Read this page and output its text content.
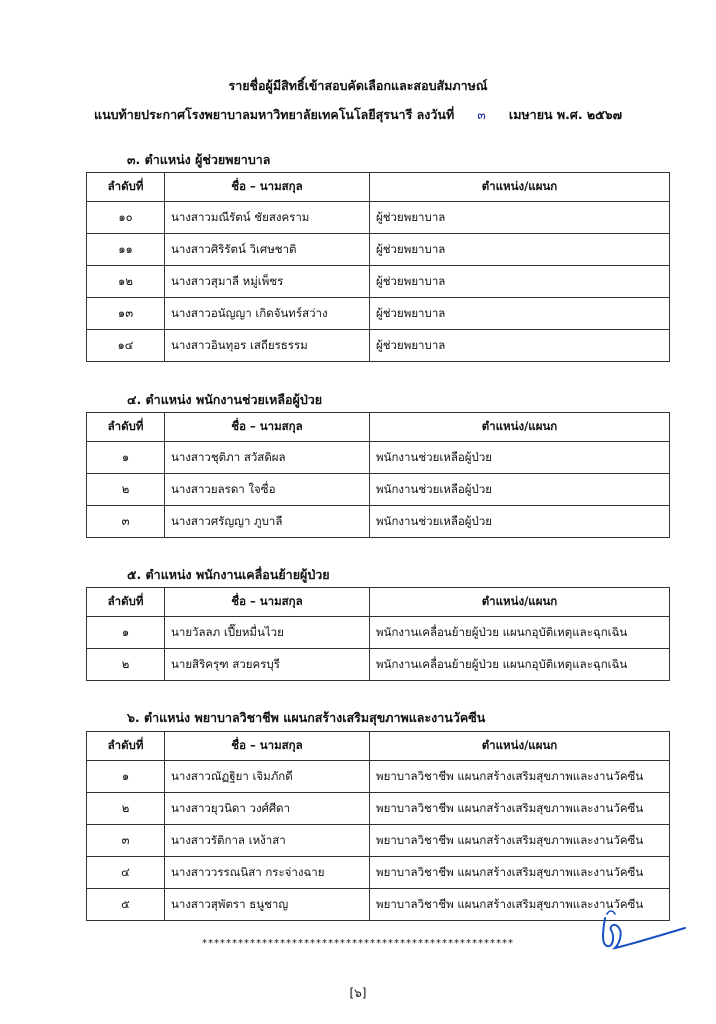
รายชื่อผู้มีสิทธิ์เข้าสอบคัดเลือกและสอบสัมภาษณ์
แนบท้ายประกาศโรงพยาบาลมหาวิทยาลัยเทคโนโลยีสุรนารี ลงวันที่ ๓ เมษายน พ.ศ. ๒๕๖๗
๓. ตำแหน่ง ผู้ช่วยพยาบาล
ลำดับที่	ชื่อ – นามสกุล	ตำแหน่ง/แผนก
๑๐	นางสาวมณีรัตน์ ชัยสงคราม	ผู้ช่วยพยาบาล
๑๑	นางสาวศิริรัตน์ วิเศษชาติ	ผู้ช่วยพยาบาล
๑๒	นางสาวสุมาลี หมู่เพ็ชร	ผู้ช่วยพยาบาล
๑๓	นางสาวอนัญญา เกิดจันทร์สว่าง	ผู้ช่วยพยาบาล
๑๔	นางสาวอินทุอร เสถียรธรรม	ผู้ช่วยพยาบาล
๔. ตำแหน่ง พนักงานช่วยเหลือผู้ป่วย
ลำดับที่	ชื่อ – นามสกุล	ตำแหน่ง/แผนก
๑	นางสาวชุติภา สวัสดิผล	พนักงานช่วยเหลือผู้ป่วย
๒	นางสาวยลรดา ใจซื่อ	พนักงานช่วยเหลือผู้ป่วย
๓	นางสาวศรัญญา ภูบาลี	พนักงานช่วยเหลือผู้ป่วย
๕. ตำแหน่ง พนักงานเคลื่อนย้ายผู้ป่วย
ลำดับที่	ชื่อ – นามสกุล	ตำแหน่ง/แผนก
๑	นายวัลลภ เปี๊ยหมื่นไวย	พนักงานเคลื่อนย้ายผู้ป่วย แผนกอุบัติเหตุและฉุกเฉิน
๒	นายสิริครุฑ สวยครบุรี	พนักงานเคลื่อนย้ายผู้ป่วย แผนกอุบัติเหตุและฉุกเฉิน
๖. ตำแหน่ง พยาบาลวิชาชีพ แผนกสร้างเสริมสุขภาพและงานวัคซีน
ลำดับที่	ชื่อ – นามสกุล	ตำแหน่ง/แผนก
๑	นางสาวณัฏฐิยา เจิมภักดี	พยาบาลวิชาชีพ แผนกสร้างเสริมสุขภาพและงานวัคซีน
๒	นางสาวยุวนิดา วงศ์ศีดา	พยาบาลวิชาชีพ แผนกสร้างเสริมสุขภาพและงานวัคซีน
๓	นางสาวรัติกาล เหง้าสา	พยาบาลวิชาชีพ แผนกสร้างเสริมสุขภาพและงานวัคซีน
๔	นางสาววรรณนิสา กระจ่างฉาย	พยาบาลวิชาชีพ แผนกสร้างเสริมสุขภาพและงานวัคซีน
๕	นางสาวสุพัตรา ธนูชาญ	พยาบาลวิชาชีพ แผนกสร้างเสริมสุขภาพและงานวัคซีน
****************************************************
[๖]
